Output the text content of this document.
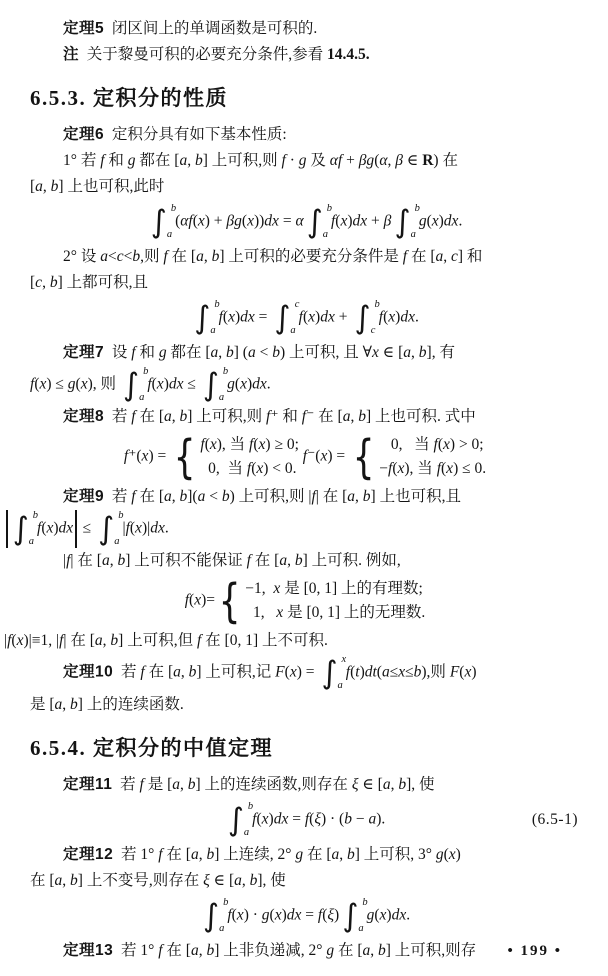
定理5  闭区间上的单调函数是可积的.
注  关于黎曼可积的必要充分条件,参看 14.4.5.
6.5.3. 定积分的性质
定理6  定积分具有如下基本性质:
1° 若 f 和 g 都在 [a, b] 上可积,则 f · g 及 αf + βg(α, β ∈ R) 在
[a, b] 上也可积,此时
∫ b
a
(αf(x) + βg(x))dx = α ∫ b
a
f(x)dx + β ∫ b
a
g(x)dx.
2° 设 a<c<b,则 f 在 [a, b] 上可积的必要充分条件是 f 在 [a, c] 和
[c, b] 上都可积,且
∫ b
a
f(x)dx = ∫ c
a
f(x)dx + ∫ b
c
f(x)dx.
定理7  设 f 和 g 都在 [a, b] (a < b) 上可积, 且 ∀x ∈ [a, b], 有
f(x) ≤ g(x), 则 ∫ b
a
f(x)dx ≤ ∫ b
a
g(x)dx.
定理8  若 f 在 [a, b] 上可积,则 f⁺ 和 f⁻ 在 [a, b] 上也可积. 式中
f⁺(x) = { f(x), 当 f(x) ≥ 0;
0,  当 f(x) < 0.
f⁻(x) = { 0,   当 f(x) > 0;
−f(x), 当 f(x) ≤ 0.
定理9  若 f 在 [a, b](a < b) 上可积,则 |f| 在 [a, b] 上也可积,且
∫ b
a
f(x)dx ≤ ∫ b
a
|f(x)|dx.
|f| 在 [a, b] 上可积不能保证 f 在 [a, b] 上可积. 例如,
f(x)= { −1,  x 是 [0, 1] 上的有理数;
1,   x 是 [0, 1] 上的无理数.
|f(x)|≡1, |f| 在 [a, b] 上可积,但 f 在 [0, 1] 上不可积.
定理10  若 f 在 [a, b] 上可积,记 F(x) = ∫ x
a
f(t)dt(a≤x≤b),则 F(x)
是 [a, b] 上的连续函数.
6.5.4. 定积分的中值定理
定理11  若 f 是 [a, b] 上的连续函数,则存在 ξ ∈ [a, b], 使
∫ b
a
f(x)dx = f(ξ) · (b − a).	(6.5-1)
定理12  若 1° f 在 [a, b] 上连续, 2° g 在 [a, b] 上可积, 3° g(x)
在 [a, b] 上不变号,则存在 ξ ∈ [a, b], 使
∫ b
a
f(x) · g(x)dx = f(ξ) ∫ b
a
g(x)dx.
定理13  若 1° f 在 [a, b] 上非负递减, 2° g 在 [a, b] 上可积,则存	• 199 •
